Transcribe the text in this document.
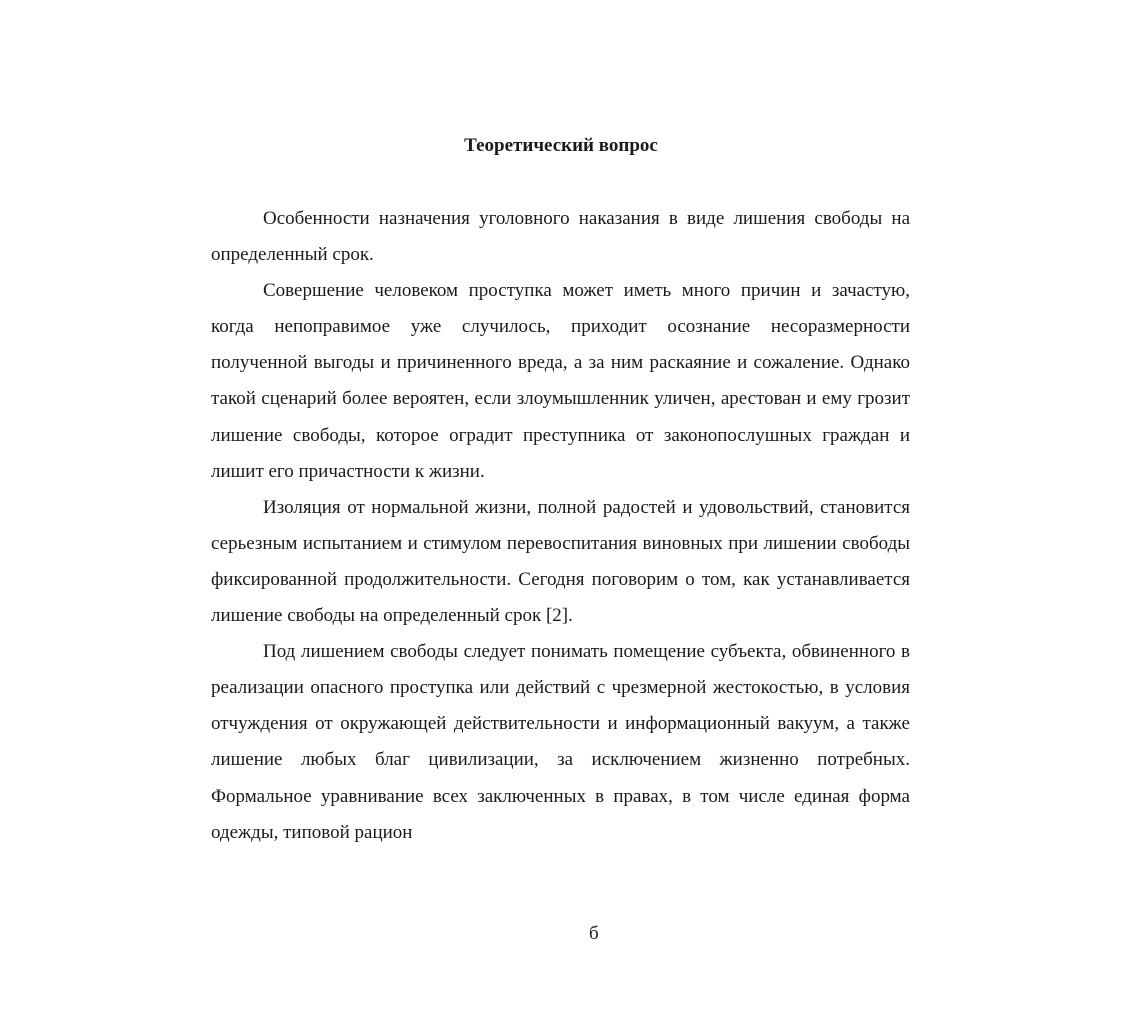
Теоретический вопрос

Особенности назначения уголовного наказания в виде лишения свободы на определенный срок.

Совершение человеком проступка может иметь много причин и зачастую, когда непоправимое уже случилось, приходит осознание несоразмерности полученной выгоды и причиненного вреда, а за ним раскаяние и сожаление. Однако такой сценарий более вероятен, если злоумышленник уличен, арестован и ему грозит лишение свободы, которое оградит преступника от законопослушных граждан и лишит его причастности к жизни.

Изоляция от нормальной жизни, полной радостей и удовольствий, становится серьезным испытанием и стимулом перевоспитания виновных при лишении свободы фиксированной продолжительности. Сегодня поговорим о том, как устанавливается лишение свободы на определенный срок [2].

Под лишением свободы следует понимать помещение субъекта, обвиненного в реализации опасного проступка или действий с чрезмерной жестокостью, в условия отчуждения от окружающей действительности и информационный вакуум, а также лишение любых благ цивилизации, за исключением жизненно потребных. Формальное уравнивание всех заключенных в правах, в том числе единая форма одежды, типовой рацион

б
